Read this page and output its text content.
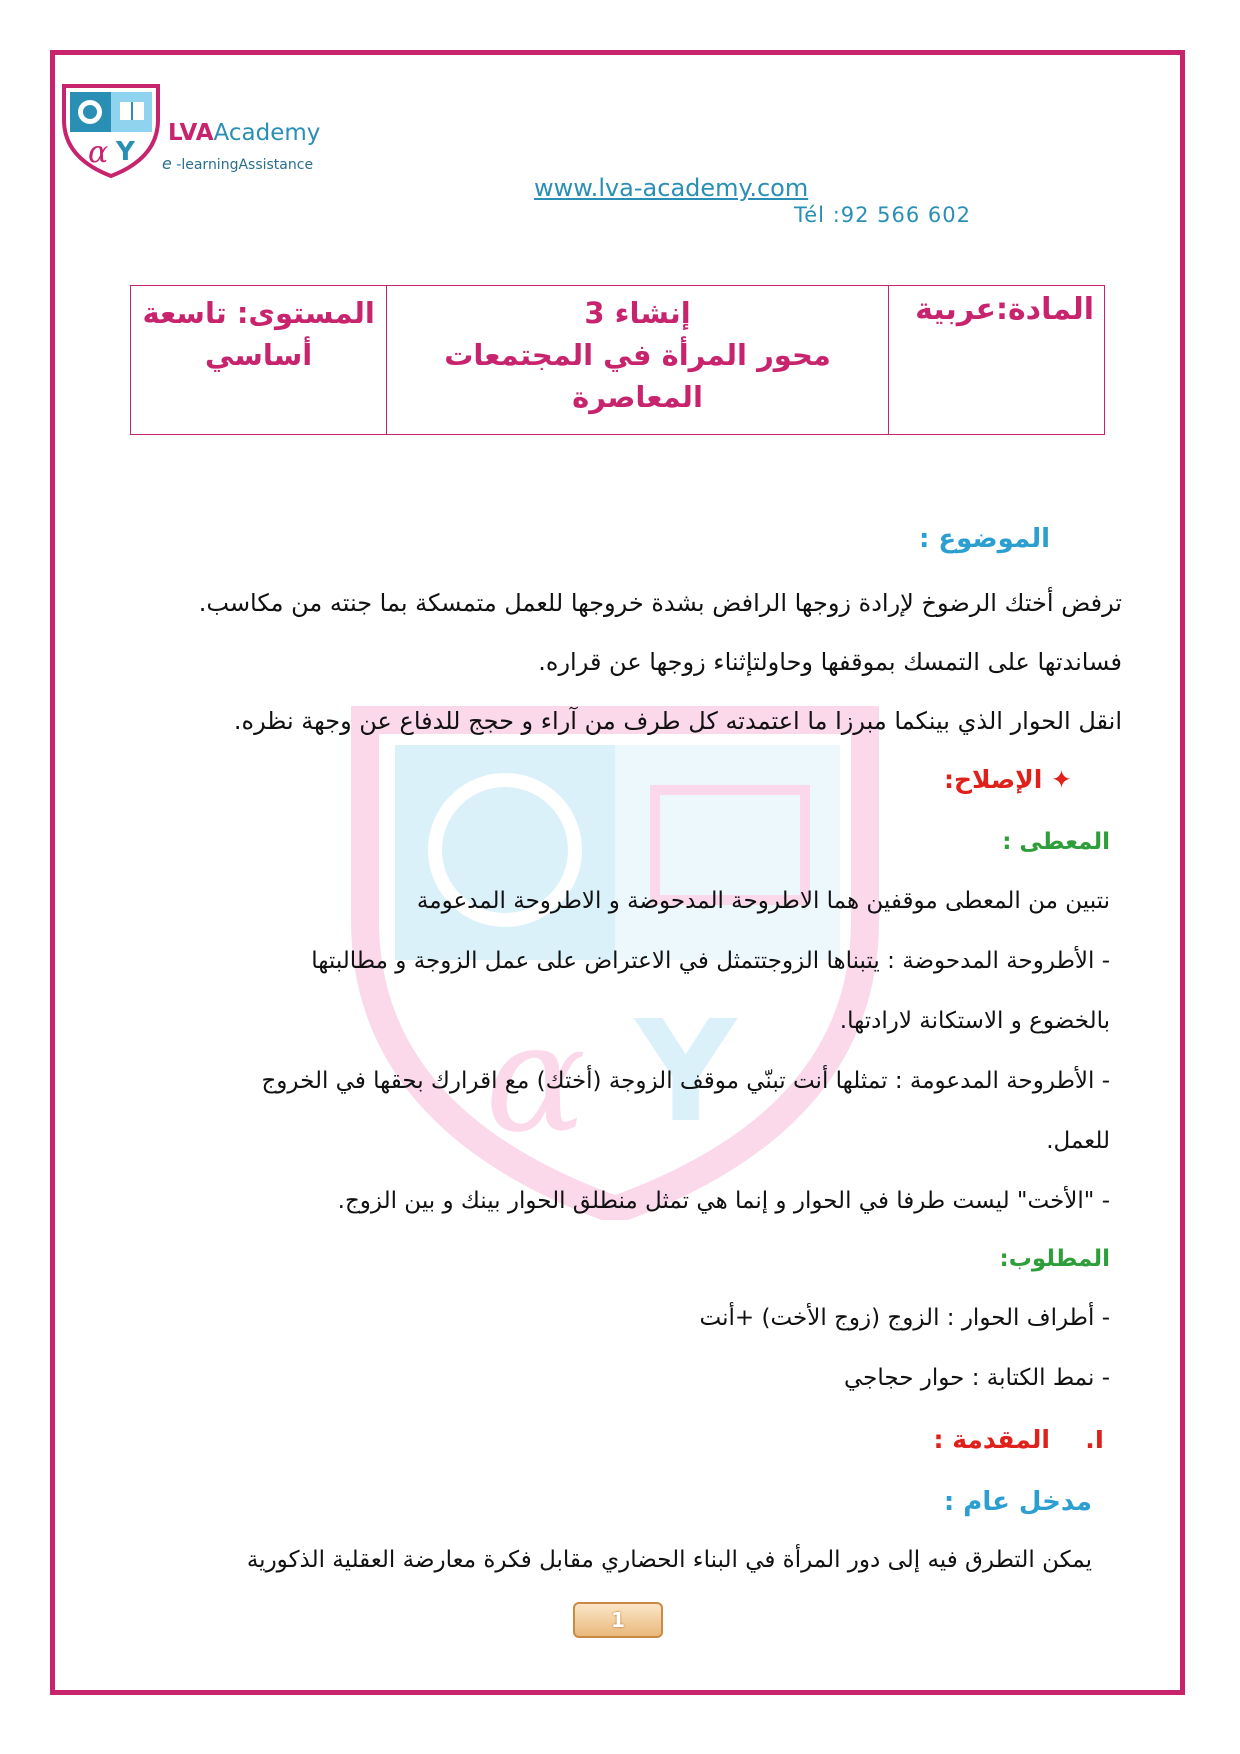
α Y
LVAAcademy
e -learningAssistance
www.lva-academy.com
Tél :92 566 602
المادة:عربية

إنشاء 3
محور المرأة في المجتمعات
المعاصرة

المستوى: تاسعة
أساسي
α Y
الموضوع :
ترفض أختك الرضوخ لإرادة زوجها الرافض بشدة خروجها للعمل متمسكة بما جنته من مكاسب.
فساندتها على التمسك بموقفها وحاولتإثناء زوجها عن قراره.
انقل الحوار الذي بينكما مبرزا ما اعتمدته كل طرف من آراء و حجج للدفاع عن وجهة نظره.
✦ الإصلاح:
المعطى :
نتبين من المعطى موقفين هما الاطروحة المدحوضة و الاطروحة المدعومة
- الأطروحة المدحوضة : يتبناها الزوجتتمثل في الاعتراض على عمل الزوجة و مطالبتها
بالخضوع و الاستكانة لارادتها.
- الأطروحة المدعومة : تمثلها أنت تبنّي موقف الزوجة (أختك) مع اقرارك بحقها في الخروج
للعمل.
- "الأخت" ليست طرفا في الحوار و إنما هي تمثل منطلق الحوار بينك و بين الزوج.
المطلوب:
- أطراف الحوار : الزوج (زوج الأخت) +أنت
- نمط الكتابة : حوار حجاجي
I.
المقدمة :
مدخل عام :
يمكن التطرق فيه إلى دور المرأة في البناء الحضاري مقابل فكرة معارضة العقلية الذكورية
1
